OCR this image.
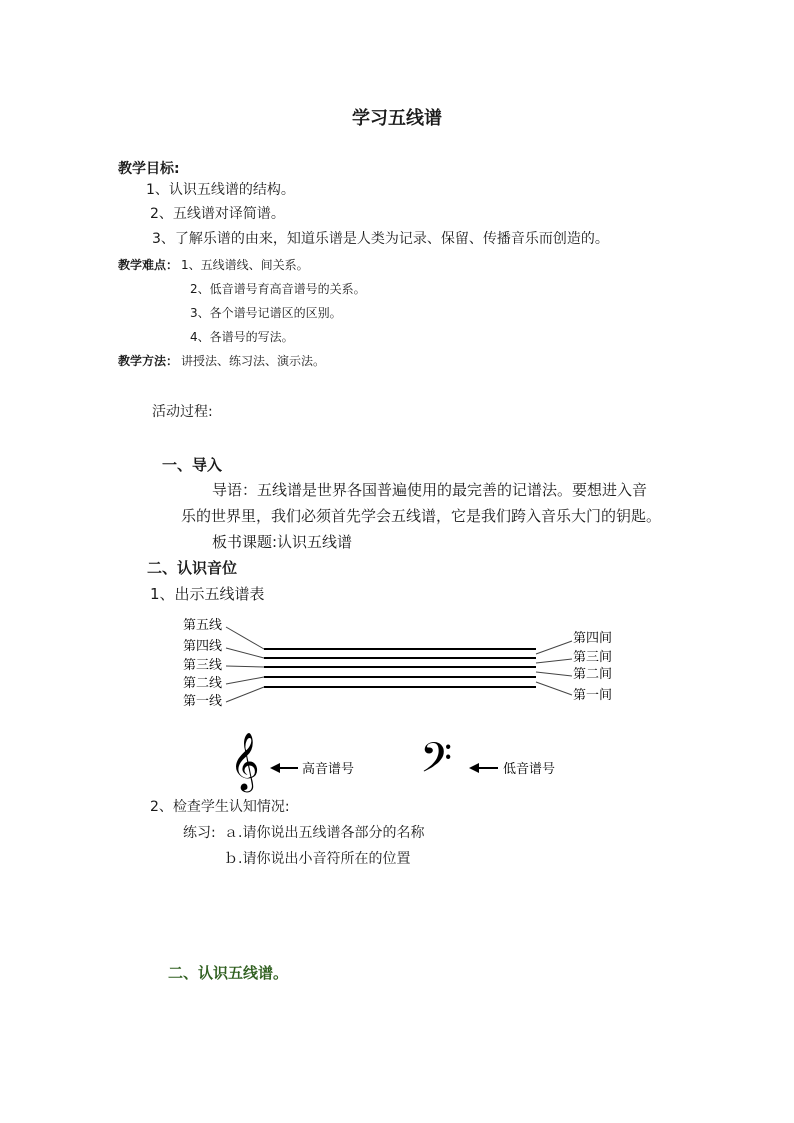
学习五线谱
教学目标:
1、认识五线谱的结构。
2、五线谱对译简谱。
3、了解乐谱的由来，知道乐谱是人类为记录、保留、传播音乐而创造的。
教学难点： 1、五线谱线、间关系。
2、低音谱号育高音谱号的关系。
3、各个谱号记谱区的区别。
4、各谱号的写法。
教学方法： 讲授法、练习法、演示法。
活动过程:
一、导入
导语：五线谱是世界各国普遍使用的最完善的记谱法。要想进入音
乐的世界里，我们必须首先学会五线谱，它是我们跨入音乐大门的钥匙。
板书课题:认识五线谱
二、认识音位
1、出示五线谱表
第五线
第四线
第三线
第二线
第一线
第四间
第三间
第二间
第一间
𝄞	高音谱号 𝄢	低音谱号
2、检查学生认知情况:
练习: ａ.请你说出五线谱各部分的名称
ｂ.请你说出小音符所在的位置
二、认识五线谱。
